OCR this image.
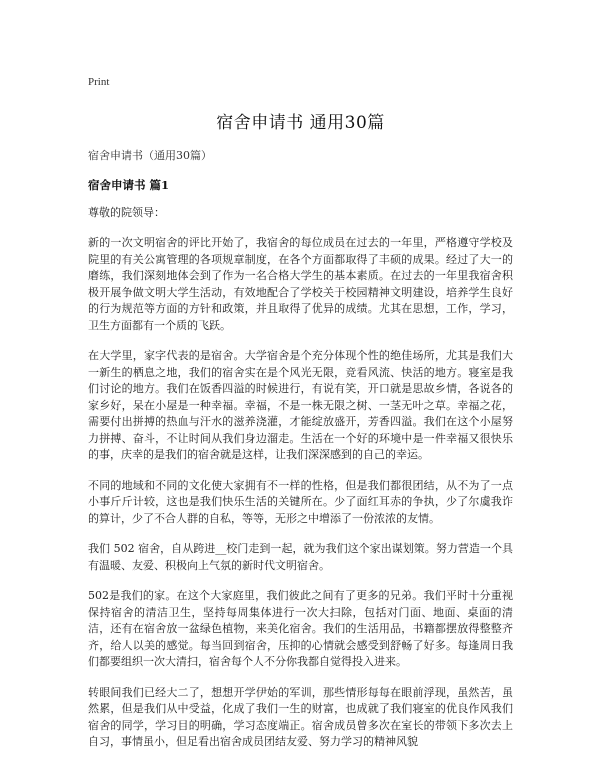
Print
宿舍申请书 通用30篇

宿舍申请书（通用30篇）

宿舍申请书 篇1

尊敬的院领导：

新的一次文明宿舍的评比开始了，我宿舍的每位成员在过去的一年里，严格遵守学校及院里的有关公寓管理的各项规章制度，在各个方面都取得了丰硕的成果。经过了大一的磨练，我们深刻地体会到了作为一名合格大学生的基本素质。在过去的一年里我宿舍积极开展争做文明大学生活动，有效地配合了学校关于校园精神文明建设，培养学生良好的行为规范等方面的方针和政策，并且取得了优异的成绩。尤其在思想，工作，学习，卫生方面都有一个质的飞跃。

在大学里，家字代表的是宿舍。大学宿舍是个充分体现个性的绝佳场所，尤其是我们大一新生的栖息之地，我们的宿舍实在是个风光无限，竞看风流、快活的地方。寝室是我们讨论的地方。我们在饭香四溢的时候进行，有说有笑，开口就是思故乡情，各说各的家乡好，呆在小屋是一种幸福。幸福，不是一株无限之树、一茎无叶之草。幸福之花，需要付出拼搏的热血与汗水的滋养浇灌，才能绽放盛开，芳香四溢。我们在这个小屋努力拼搏、奋斗，不让时间从我们身边溜走。生活在一个好的环境中是一件幸福又很快乐的事，庆幸的是我们的宿舍就是这样，让我们深深感到的自己的幸运。

不同的地域和不同的文化使大家拥有不一样的性格，但是我们都很团结，从不为了一点小事斤斤计较，这也是我们快乐生活的关键所在。少了面红耳赤的争执，少了尔虞我诈的算计，少了不合人群的自私，等等，无形之中增添了一份浓浓的友情。

我们 502 宿舍，自从跨进__校门走到一起，就为我们这个家出谋划策。努力营造一个具有温暖、友爱、积极向上气氛的新时代文明宿舍。

502是我们的家。在这个大家庭里，我们彼此之间有了更多的兄弟。我们平时十分重视保持宿舍的清洁卫生，坚持每周集体进行一次大扫除，包括对门面、地面、桌面的清洁，还有在宿舍放一盆绿色植物，来美化宿舍。我们的生活用品，书籍都摆放得整整齐齐，给人以美的感觉。每当回到宿舍，压抑的心情就会感受到舒畅了好多。每逢周日我们都要组织一次大清扫，宿舍每个人不分你我都自觉得投入进来。

转眼间我们已经大二了，想想开学伊始的军训，那些情形每每在眼前浮现，虽然苦，虽然累，但是我们从中受益，化成了我们一生的财富，也成就了我们寝室的优良作风我们宿舍的同学，学习目的明确，学习态度端正。宿舍成员曾多次在室长的带领下多次去上自习，事情虽小，但足看出宿舍成员团结友爱、努力学习的精神风貌
